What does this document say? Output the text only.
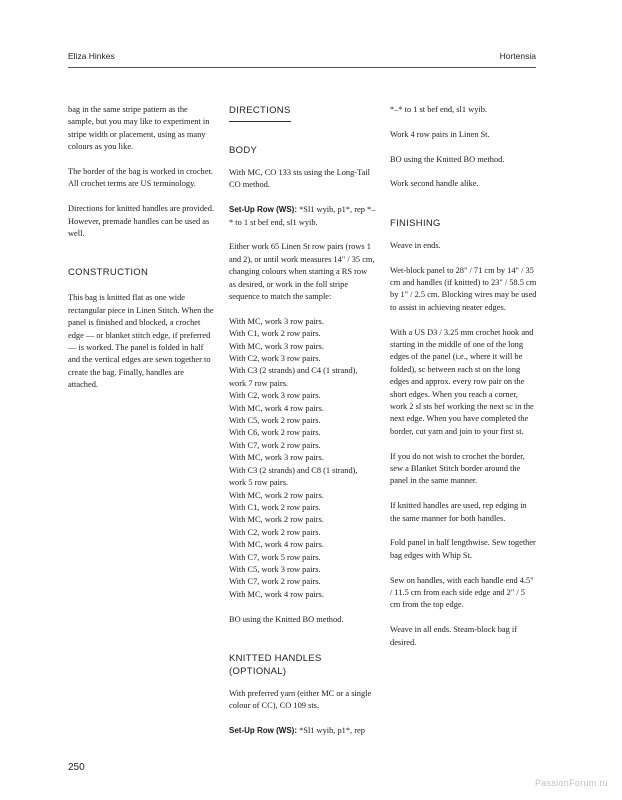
Eliza Hinkes	Hortensia

bag in the same stripe pattern as the sample, but you may like to experiment in stripe width or placement, using as many colours as you like.

The border of the bag is worked in crochet. All crochet terms are US terminology.

Directions for knitted handles are provided. However, premade handles can be used as well.

CONSTRUCTION

This bag is knitted flat as one wide rectangular piece in Linen Stitch. When the panel is finished and blocked, a crochet edge — or blanket stitch edge, if preferred — is worked. The panel is folded in half and the vertical edges are sewn together to create the bag. Finally, handles are attached.

DIRECTIONS
BODY

With MC, CO 133 sts using the Long-Tail CO method.

Set-Up Row (WS): *Sl1 wyib, p1*, rep *–* to 1 st bef end, sl1 wyib.

Either work 65 Linen St row pairs (rows 1 and 2), or until work measures 14" / 35 cm, changing colours when starting a RS row as desired, or work in the foll stripe sequence to match the sample:

With MC, work 3 row pairs.
With C1, work 2 row pairs.
With MC, work 3 row pairs.
With C2, work 3 row pairs.
With C3 (2 strands) and C4 (1 strand), work 7 row pairs.
With C2, work 3 row pairs.
With MC, work 4 row pairs.
With C5, work 2 row pairs.
With C6, work 2 row pairs.
With C7, work 2 row pairs.
With MC, work 3 row pairs.
With C3 (2 strands) and C8 (1 strand), work 5 row pairs.
With MC, work 2 row pairs.
With C1, work 2 row pairs.
With MC, work 2 row pairs.
With C2, work 2 row pairs.
With MC, work 4 row pairs.
With C7, work 5 row pairs.
With C5, work 3 row pairs.
With C7, work 2 row pairs.
With MC, work 4 row pairs.

BO using the Knitted BO method.

KNITTED HANDLES (OPTIONAL)

With preferred yarn (either MC or a single colour of CC), CO 109 sts.

Set-Up Row (WS): *Sl1 wyib, p1*, rep

*–* to 1 st bef end, sl1 wyib.

Work 4 row pairs in Linen St.

BO using the Knitted BO method.

Work second handle alike.

FINISHING

Weave in ends.

Wet-block panel to 28" / 71 cm by 14" / 35 cm and handles (if knitted) to 23" / 58.5 cm by 1" / 2.5 cm. Blocking wires may be used to assist in achieving neater edges.

With a US D3 / 3.25 mm crochet hook and starting in the middle of one of the long edges of the panel (i.e., where it will be folded), sc between each st on the long edges and approx. every row pair on the short edges. When you reach a corner, work 2 sl sts bef working the next sc in the next edge. When you have completed the border, cut yarn and join to your first st.

If you do not wish to crochet the border, sew a Blanket Stitch border around the panel in the same manner.

If knitted handles are used, rep edging in the same manner for both handles.

Fold panel in half lengthwise. Sew together bag edges with Whip St.

Sew on handles, with each handle end 4.5" / 11.5 cm from each side edge and 2" / 5 cm from the top edge.

Weave in all ends. Steam-block bag if desired.

250
PassionForum.ru
